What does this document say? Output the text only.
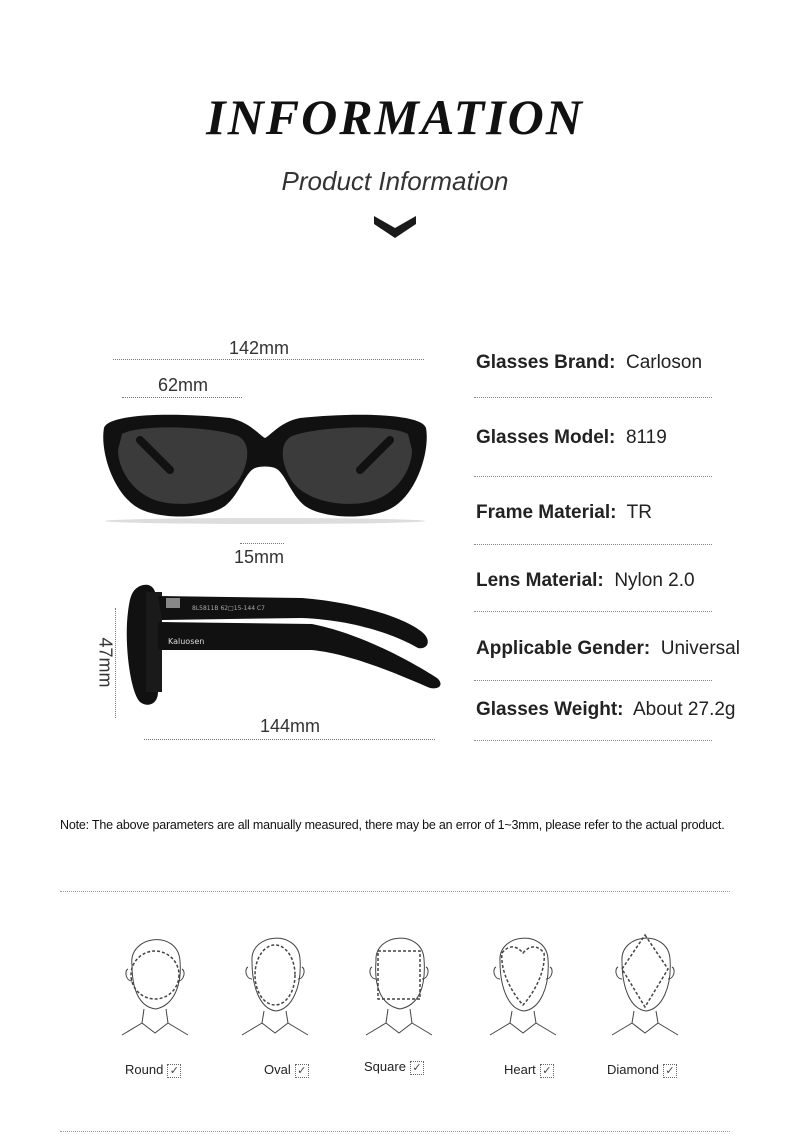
INFORMATION
Product Information
142mm
62mm
15mm
8L5811B 62□15-144 C7
Kaluosen
47mm
144mm
Glasses Brand: Carloson
Glasses Model: 8119
Frame Material: TR
Lens Material: Nylon 2.0
Applicable Gender: Universal
Glasses Weight: About 27.2g
Note: The above parameters are all manually measured, there may be an error of 1~3mm, please refer to the actual product.
Round ✓	Oval ✓	Square ✓	Heart ✓	Diamond ✓
